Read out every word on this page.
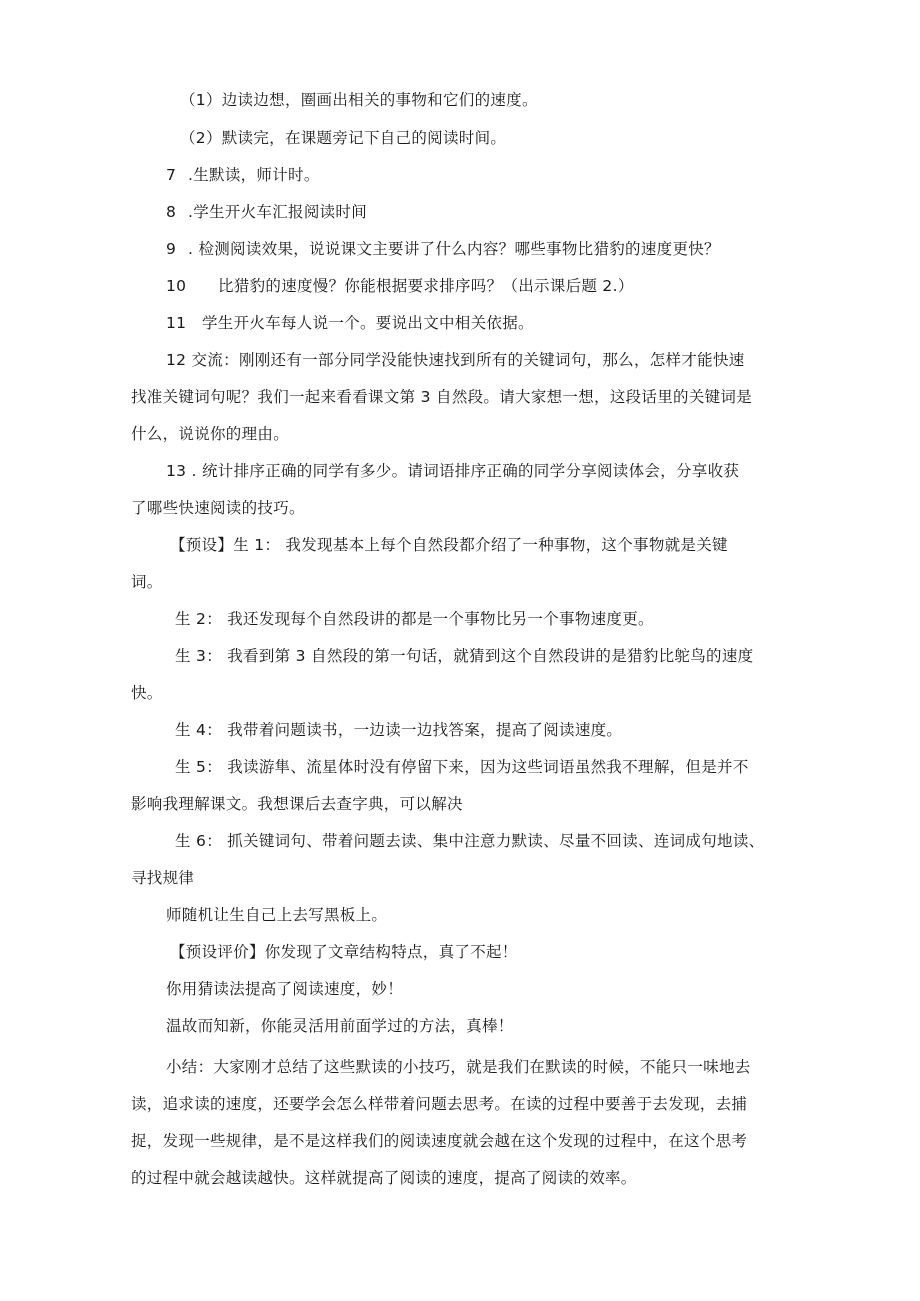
（1）边读边想，圈画出相关的事物和它们的速度。
（2）默读完，在课题旁记下自己的阅读时间。
7 .生默读，师计时。
8 .学生开火车汇报阅读时间
9 . 检测阅读效果，说说课文主要讲了什么内容？哪些事物比猎豹的速度更快？
10 比猎豹的速度慢？你能根据要求排序吗？（出示课后题 2.）
11 学生开火车每人说一个。要说出文中相关依据。
12 交流：刚刚还有一部分同学没能快速找到所有的关键词句，那么，怎样才能快速
找准关键词句呢？我们一起来看看课文第 3 自然段。请大家想一想，这段话里的关键词是
什么，说说你的理由。
13 . 统计排序正确的同学有多少。请词语排序正确的同学分享阅读体会，分享收获
了哪些快速阅读的技巧。
【预设】生 1： 我发现基本上每个自然段都介绍了一种事物，这个事物就是关键
词。
生 2： 我还发现每个自然段讲的都是一个事物比另一个事物速度更。
生 3： 我看到第 3 自然段的第一句话，就猜到这个自然段讲的是猎豹比鸵鸟的速度
快。
生 4： 我带着问题读书，一边读一边找答案，提高了阅读速度。
生 5： 我读游隼、流星体时没有停留下来，因为这些词语虽然我不理解，但是并不
影响我理解课文。我想课后去查字典，可以解决
生 6： 抓关键词句、带着问题去读、集中注意力默读、尽量不回读、连词成句地读、
寻找规律
师随机让生自己上去写黑板上。
【预设评价】你发现了文章结构特点，真了不起！
你用猜读法提高了阅读速度，妙！
温故而知新，你能灵活用前面学过的方法，真棒！
小结：大家刚才总结了这些默读的小技巧，就是我们在默读的时候，不能只一味地去
读，追求读的速度，还要学会怎么样带着问题去思考。在读的过程中要善于去发现，去捕
捉，发现一些规律，是不是这样我们的阅读速度就会越在这个发现的过程中，在这个思考
的过程中就会越读越快。这样就提高了阅读的速度，提高了阅读的效率。
